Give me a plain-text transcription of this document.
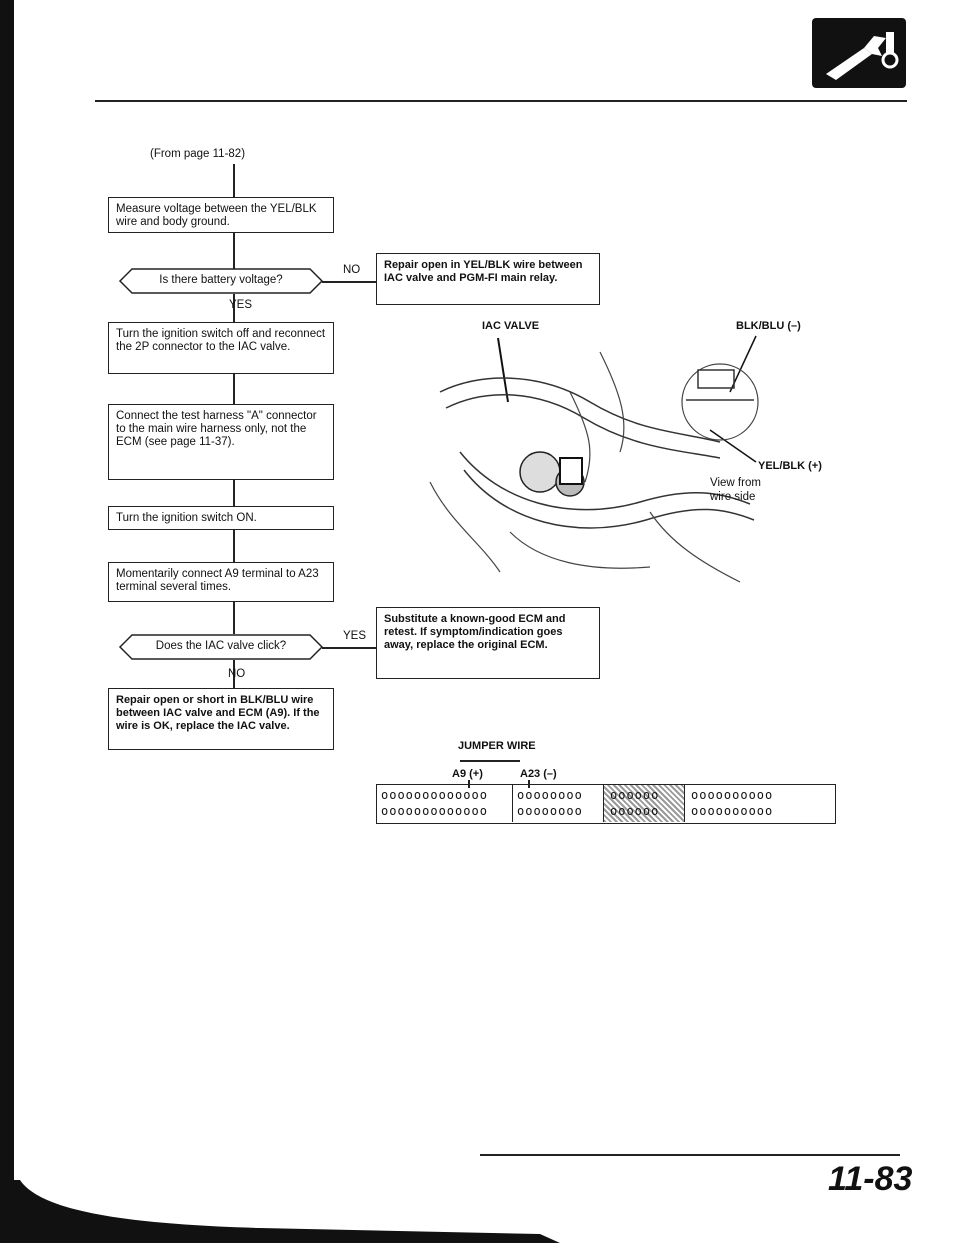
(From page 11-82)
Measure voltage between the YEL/BLK wire and body ground.
Is there battery voltage?
NO	Repair open in YEL/BLK wire between IAC valve and PGM-FI main relay.
YES
Turn the ignition switch off and reconnect the 2P connector to the IAC valve.
Connect the test harness "A" connector to the main wire harness only, not the ECM (see page 11-37).
Turn the ignition switch ON.
Momentarily connect A9 terminal to A23 terminal several times.
Does the IAC valve click?
YES
Substitute a known-good ECM and retest. If symptom/indication goes away, replace the original ECM.
NO
Repair open or short in BLK/BLU wire between IAC valve and ECM (A9). If the wire is OK, replace the IAC valve.
IAC VALVE	BLK/BLU (–)
YEL/BLK (+)
View from
wire side
JUMPER WIRE
A9 (+)	A23 (–)
ooooooooooooo
ooooooooooooo
oooooooo
oooooooo
oooooo
oooooo
oooooooooo
oooooooooo
11-83
